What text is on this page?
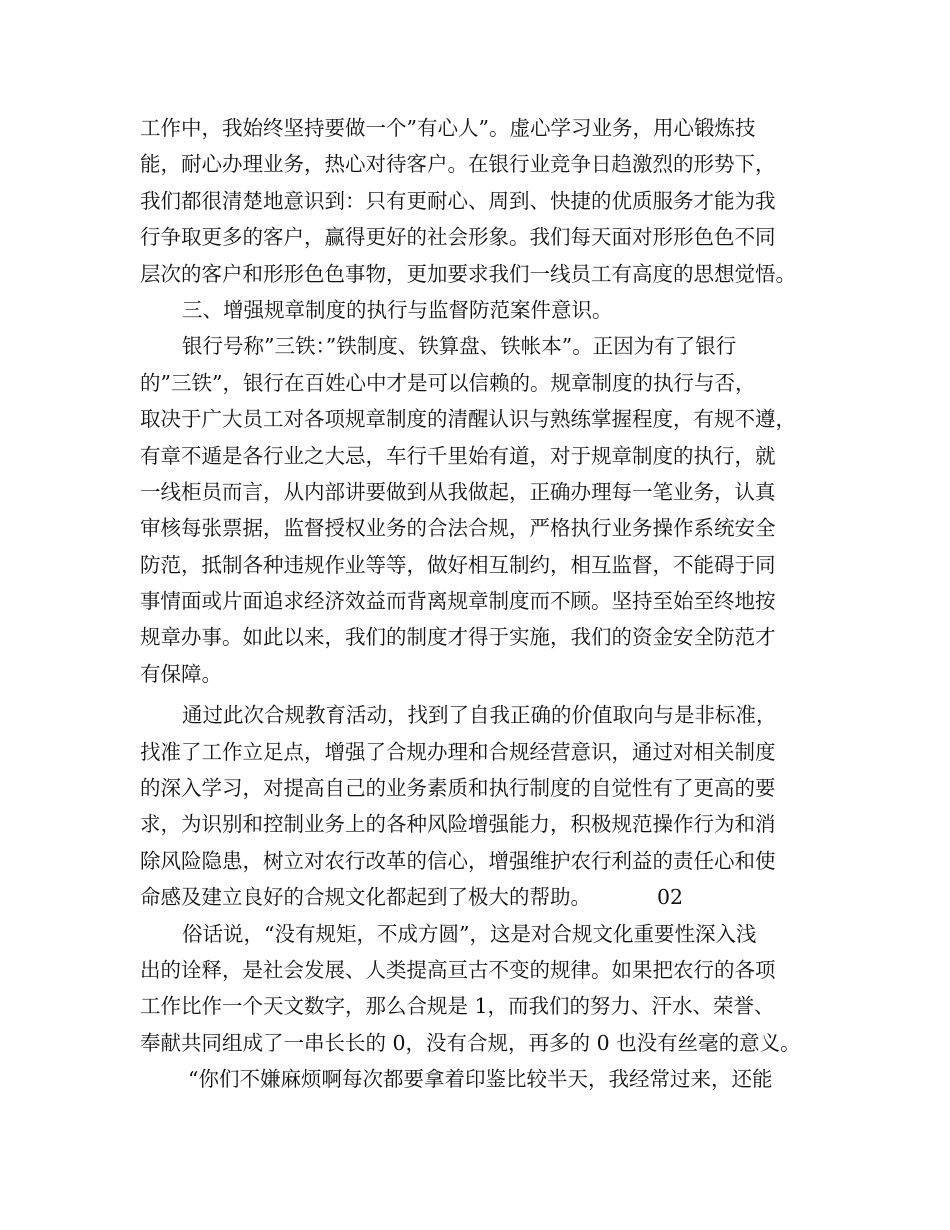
工作中，我始终坚持要做一个”有心人”。虚心学习业务，用心锻炼技
能，耐心办理业务，热心对待客户。在银行业竞争日趋激烈的形势下，
我们都很清楚地意识到：只有更耐心、周到、快捷的优质服务才能为我
行争取更多的客户，赢得更好的社会形象。我们每天面对形形色色不同
层次的客户和形形色色事物，更加要求我们一线员工有高度的思想觉悟。
三、增强规章制度的执行与监督防范案件意识。
银行号称”三铁：”铁制度、铁算盘、铁帐本”。正因为有了银行
的”三铁”，银行在百姓心中才是可以信赖的。规章制度的执行与否，
取决于广大员工对各项规章制度的清醒认识与熟练掌握程度，有规不遵，
有章不遁是各行业之大忌，车行千里始有道，对于规章制度的执行，就
一线柜员而言，从内部讲要做到从我做起，正确办理每一笔业务，认真
审核每张票据，监督授权业务的合法合规，严格执行业务操作系统安全
防范，抵制各种违规作业等等，做好相互制约，相互监督，不能碍于同
事情面或片面追求经济效益而背离规章制度而不顾。坚持至始至终地按
规章办事。如此以来，我们的制度才得于实施，我们的资金安全防范才
有保障。
通过此次合规教育活动，找到了自我正确的价值取向与是非标准，
找准了工作立足点，增强了合规办理和合规经营意识，通过对相关制度
的深入学习，对提高自己的业务素质和执行制度的自觉性有了更高的要
求，为识别和控制业务上的各种风险增强能力，积极规范操作行为和消
除风险隐患，树立对农行改革的信心，增强维护农行利益的责任心和使
命感及建立良好的合规文化都起到了极大的帮助。	02
俗话说，“没有规矩，不成方圆”，这是对合规文化重要性深入浅
出的诠释，是社会发展、人类提高亘古不变的规律。如果把农行的各项
工作比作一个天文数字，那么合规是 1，而我们的努力、汗水、荣誉、
奉献共同组成了一串长长的 0，没有合规，再多的 0 也没有丝毫的意义。
“你们不嫌麻烦啊每次都要拿着印鉴比较半天，我经常过来，还能
